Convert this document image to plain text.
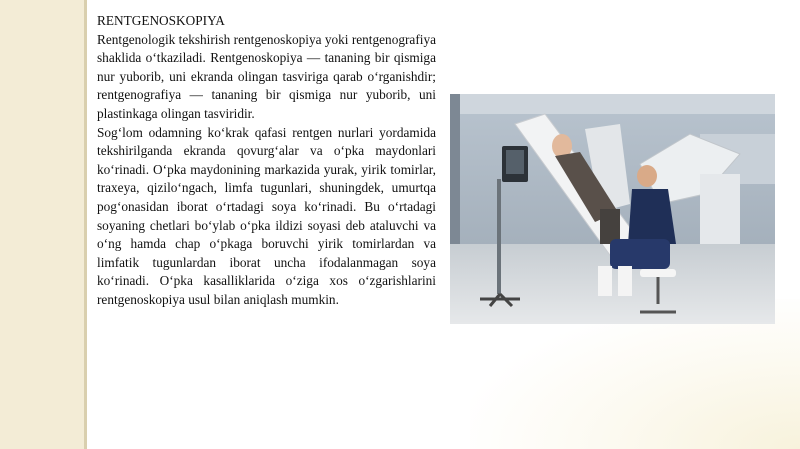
RENTGENOSKOPIYA

Rentgenologik tekshirish rentgenoskopiya yoki rentgenografiya shaklida o‘tkaziladi. Rentgenoskopiya — tananing bir qismiga nur yuborib, uni ekranda olingan tasviriga qarab o‘rganishdir; rentgenografiya — tananing bir qismiga nur yuborib, uni plastinkaga olingan tasviridir.

Sog‘lom odamning ko‘krak qafasi rentgen nurlari yordamida tekshirilganda ekranda qovurg‘alar va o‘pka maydonlari ko‘rinadi. O‘pka maydonining markazida yurak, yirik tomirlar, traxeya, qizilo‘ngach, limfa tugunlari, shuningdek, umurtqa pog‘onasidan iborat o‘rtadagi soya ko‘rinadi. Bu o‘rtadagi soyaning chetlari bo‘ylab o‘pka ildizi soyasi deb ataluvchi va o‘ng hamda chap o‘pkaga boruvchi yirik tomirlardan va limfatik tugunlardan iborat uncha ifodalanmagan soya ko‘rinadi. O‘pka kasalliklarida o‘ziga xos o‘zgarishlarini rentgenoskopiya usul bilan aniqlash mumkin.
